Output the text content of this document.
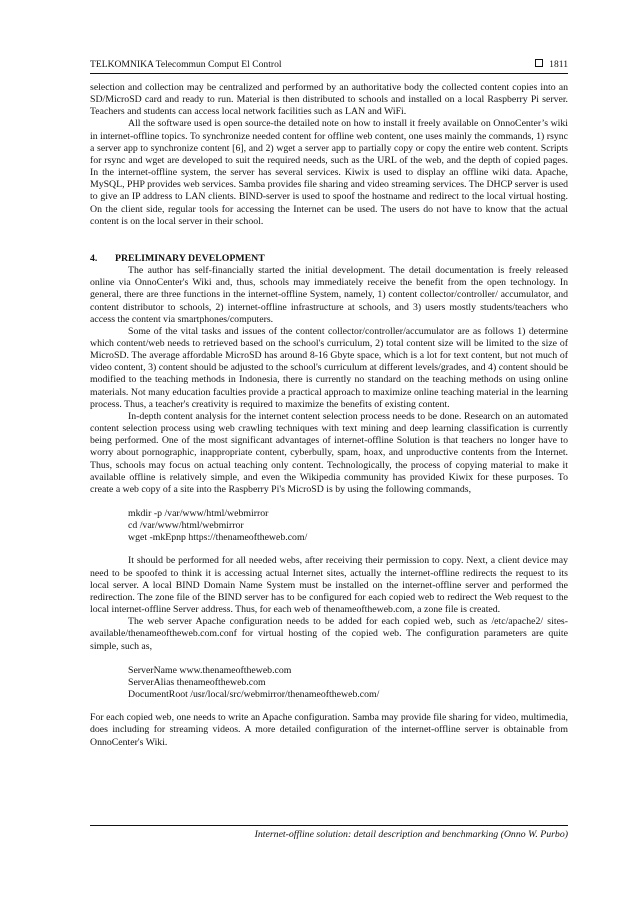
TELKOMNIKA Telecommun Comput El Control	1811

selection and collection may be centralized and performed by an authoritative body the collected content copies into an SD/MicroSD card and ready to run. Material is then distributed to schools and installed on a local Raspberry Pi server. Teachers and students can access local network facilities such as LAN and WiFi.

All the software used is open source-the detailed note on how to install it freely available on OnnoCenter’s wiki in internet-offline topics. To synchronize needed content for offline web content, one uses mainly the commands, 1) rsync a server app to synchronize content [6], and 2) wget a server app to partially copy or copy the entire web content. Scripts for rsync and wget are developed to suit the required needs, such as the URL of the web, and the depth of copied pages. In the internet-offline system, the server has several services. Kiwix is used to display an offline wiki data. Apache, MySQL, PHP provides web services. Samba provides file sharing and video streaming services. The DHCP server is used to give an IP address to LAN clients. BIND-server is used to spoof the hostname and redirect to the local virtual hosting. On the client side, regular tools for accessing the Internet can be used. The users do not have to know that the actual content is on the local server in their school.

4. PRELIMINARY DEVELOPMENT

The author has self-financially started the initial development. The detail documentation is freely released online via OnnoCenter's Wiki and, thus, schools may immediately receive the benefit from the open technology. In general, there are three functions in the internet-offline System, namely, 1) content collector/controller/ accumulator, and content distributor to schools, 2) internet-offline infrastructure at schools, and 3) users mostly students/teachers who access the content via smartphones/computers.

Some of the vital tasks and issues of the content collector/controller/accumulator are as follows 1) determine which content/web needs to retrieved based on the school's curriculum, 2) total content size will be limited to the size of MicroSD. The average affordable MicroSD has around 8-16 Gbyte space, which is a lot for text content, but not much of video content, 3) content should be adjusted to the school's curriculum at different levels/grades, and 4) content should be modified to the teaching methods in Indonesia, there is currently no standard on the teaching methods on using online materials. Not many education faculties provide a practical approach to maximize online teaching material in the learning process. Thus, a teacher's creativity is required to maximize the benefits of existing content.

In-depth content analysis for the internet content selection process needs to be done. Research on an automated content selection process using web crawling techniques with text mining and deep learning classification is currently being performed. One of the most significant advantages of internet-offline Solution is that teachers no longer have to worry about pornographic, inappropriate content, cyberbully, spam, hoax, and unproductive contents from the Internet. Thus, schools may focus on actual teaching only content. Technologically, the process of copying material to make it available offline is relatively simple, and even the Wikipedia community has provided Kiwix for these purposes. To create a web copy of a site into the Raspberry Pi's MicroSD is by using the following commands,

mkdir -p /var/www/html/webmirror
cd /var/www/html/webmirror
wget -mkEpnp https://thenameoftheweb.com/

It should be performed for all needed webs, after receiving their permission to copy. Next, a client device may need to be spoofed to think it is accessing actual Internet sites, actually the internet-offline redirects the request to its local server. A local BIND Domain Name System must be installed on the internet-offline server and performed the redirection. The zone file of the BIND server has to be configured for each copied web to redirect the Web request to the local internet-offline Server address. Thus, for each web of thenameoftheweb.com, a zone file is created.

The web server Apache configuration needs to be added for each copied web, such as /etc/apache2/ sites-available/thenameoftheweb.com.conf for virtual hosting of the copied web. The configuration parameters are quite simple, such as,

ServerName www.thenameoftheweb.com
ServerAlias thenameoftheweb.com
DocumentRoot /usr/local/src/webmirror/thenameoftheweb.com/

For each copied web, one needs to write an Apache configuration. Samba may provide file sharing for video, multimedia, does including for streaming videos. A more detailed configuration of the internet-offline server is obtainable from OnnoCenter's Wiki.

Internet-offline solution: detail description and benchmarking (Onno W. Purbo)
